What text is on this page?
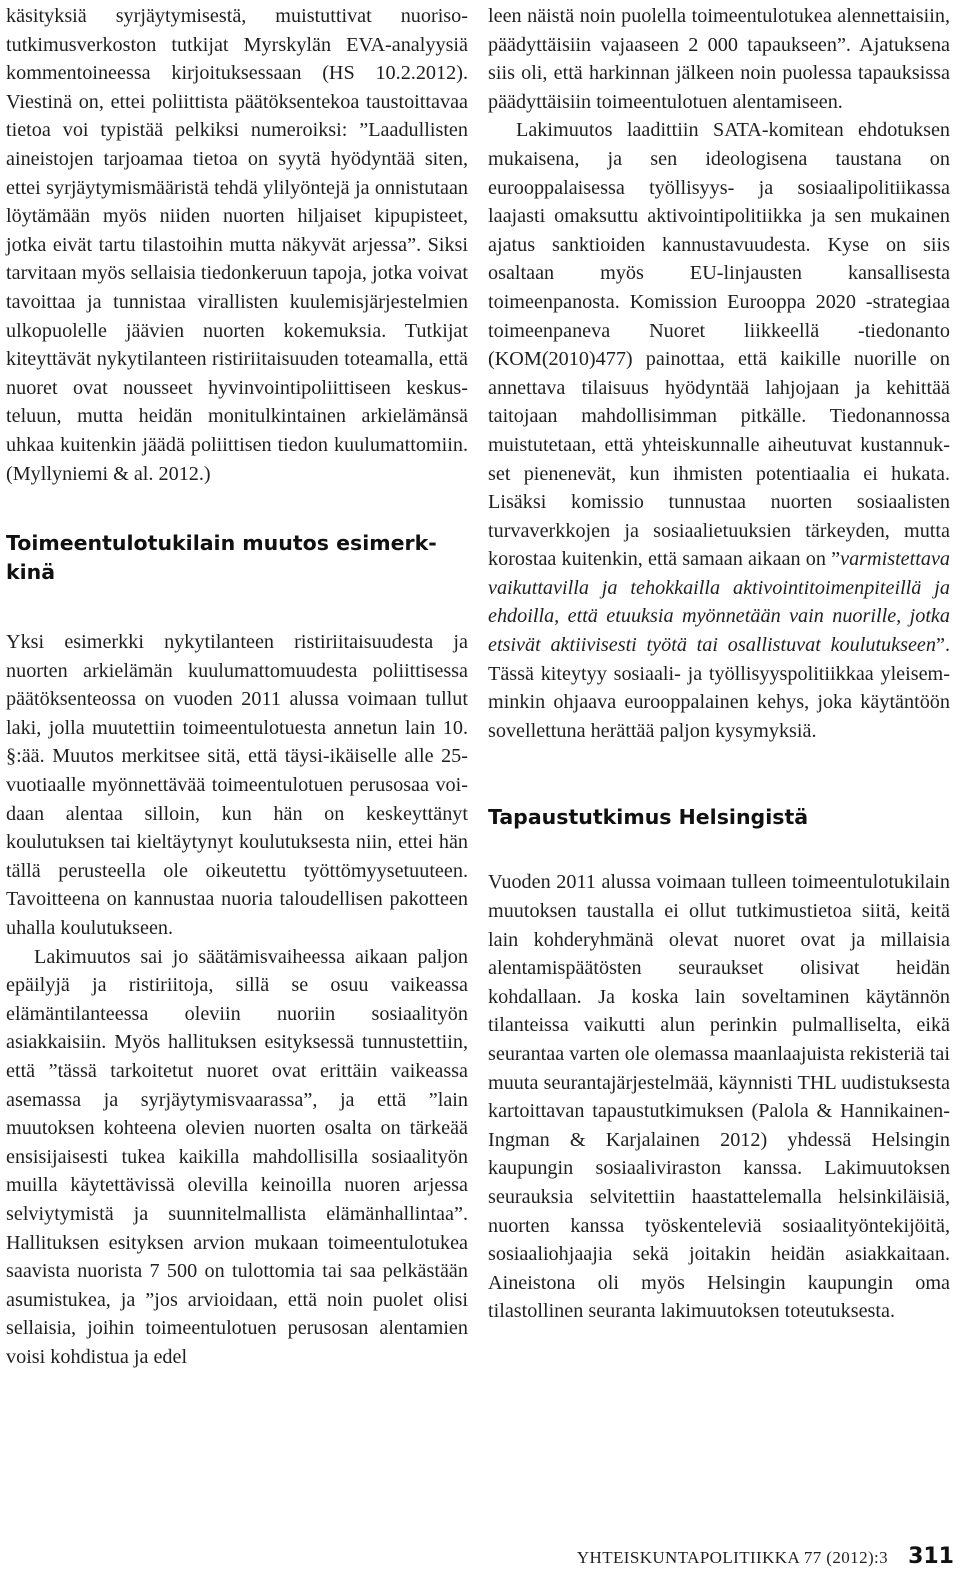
käsityksiä syrjäytymisestä, muistuttivat nuorisotutkimusverkoston tutkijat Myrskylän EVA-analyysiä kommentoineessa kirjoituksessaan (HS 10.2.2012). Viestinä on, ettei poliittista päätöksentekoa taustoittavaa tietoa voi typistää pelkiksi numeroiksi: ”Laadullisten aineistojen tarjoamaa tietoa on syytä hyödyntää siten, ettei syrjäytymismääristä tehdä ylilyöntejä ja onnistutaan löytämään myös niiden nuorten hiljaiset kipupisteet, jotka eivät tartu tilastoihin mutta näkyvät arjessa”. Siksi tarvitaan myös sellaisia tiedonkeruun tapoja, jotka voivat tavoittaa ja tunnistaa virallisten kuulemisjärjestelmien ulkopuolelle jäävien nuorten kokemuksia. Tutkijat kiteyttävät nykytilanteen ristiriitaisuuden toteamalla, että nuoret ovat nousseet hyvinvointipoliittiseen keskusteluun, mutta heidän monitulkintainen arkielämänsä uhkaa kuitenkin jäädä poliittisen tiedon kuulumattomiin. (Myllyniemi & al. 2012.)

Toimeentulotukilain muutos esimerkkinä

Yksi esimerkki nykytilanteen ristiriitaisuudesta ja nuorten arkielämän kuulumattomuudesta poliittisessa päätöksenteossa on vuoden 2011 alussa voimaan tullut laki, jolla muutettiin toimeentulotuesta annetun lain 10. §:ää. Muutos merkitsee sitä, että täysi-ikäiselle alle 25-vuotiaalle myönnettävää toimeentulotuen perusosaa voidaan alentaa silloin, kun hän on keskeyttänyt koulutuksen tai kieltäytynyt koulutuksesta niin, ettei hän tällä perusteella ole oikeutettu työttömyysetuuteen. Tavoitteena on kannustaa nuoria taloudellisen pakotteen uhalla koulutukseen.

Lakimuutos sai jo säätämisvaiheessa aikaan paljon epäilyjä ja ristiriitoja, sillä se osuu vaikeassa elämäntilanteessa oleviin nuoriin sosiaalityön asiakkaisiin. Myös hallituksen esityksessä tunnustettiin, että ”tässä tarkoitetut nuoret ovat erittäin vaikeassa asemassa ja syrjäytymisvaarassa”, ja että ”lain muutoksen kohteena olevien nuorten osalta on tärkeää ensisijaisesti tukea kaikilla mahdollisilla sosiaalityön muilla käytettävissä olevilla keinoilla nuoren arjessa selviytymistä ja suunnitelmallista elämänhallintaa”. Hallituksen esityksen arvion mukaan toimeentulotukea saavista nuorista 7 500 on tulottomia tai saa pelkästään asumistukea, ja ”jos arvioidaan, että noin puolet olisi sellaisia, joihin toimeentulotuen perusosan alentamien voisi kohdistua ja edel

leen näistä noin puolella toimeentulotukea alennettaisiin, päädyttäisiin vajaaseen 2 000 tapaukseen”. Ajatuksena siis oli, että harkinnan jälkeen noin puolessa tapauksissa päädyttäisiin toimeentulotuen alentamiseen.

Lakimuutos laadittiin SATA-komitean ehdotuksen mukaisena, ja sen ideologisena taustana on eurooppalaisessa työllisyys- ja sosiaalipolitiikassa laajasti omaksuttu aktivointipolitiikka ja sen mukainen ajatus sanktioiden kannustavuudesta. Kyse on siis osaltaan myös EU-linjausten kansallisesta toimeenpanosta. Komission Eurooppa 2020 -strategiaa toimeenpaneva Nuoret liikkeellä -tiedonanto (KOM(2010)477) painottaa, että kaikille nuorille on annettava tilaisuus hyödyntää lahjojaan ja kehittää taitojaan mahdollisimman pitkälle. Tiedonannossa muistutetaan, että yhteiskunnalle aiheutuvat kustannukset pienenevät, kun ihmisten potentiaalia ei hukata. Lisäksi komissio tunnustaa nuorten sosiaalisten turvaverkkojen ja sosiaalietuuksien tärkeyden, mutta korostaa kuitenkin, että samaan aikaan on ”varmistettava vaikuttavilla ja tehokkailla aktivointitoimenpiteillä ja ehdoilla, että etuuksia myönnetään vain nuorille, jotka etsivät aktiivisesti työtä tai osallistuvat koulutukseen”. Tässä kiteytyy sosiaali- ja työllisyyspolitiikkaa yleisemminkin ohjaava eurooppalainen kehys, joka käytäntöön sovellettuna herättää paljon kysymyksiä.

Tapaustutkimus Helsingistä

Vuoden 2011 alussa voimaan tulleen toimeentulotukilain muutoksen taustalla ei ollut tutkimustietoa siitä, keitä lain kohderyhmänä olevat nuoret ovat ja millaisia alentamispäätösten seuraukset olisivat heidän kohdallaan. Ja koska lain soveltaminen käytännön tilanteissa vaikutti alun perinkin pulmalliselta, eikä seurantaa varten ole olemassa maanlaajuista rekisteriä tai muuta seurantajärjestelmää, käynnisti THL uudistuksesta kartoittavan tapaustutkimuksen (Palola & Hannikainen-Ingman & Karjalainen 2012) yhdessä Helsingin kaupungin sosiaaliviraston kanssa. Lakimuutoksen seurauksia selvitettiin haastattelemalla helsinkiläisiä, nuorten kanssa työskenteleviä sosiaalityöntekijöitä, sosiaaliohjaajia sekä joitakin heidän asiakkaitaan. Aineistona oli myös Helsingin kaupungin oma tilastollinen seuranta lakimuutoksen toteutuksesta.

YHTEISKUNTAPOLITIIKKA 77 (2012):3 311
